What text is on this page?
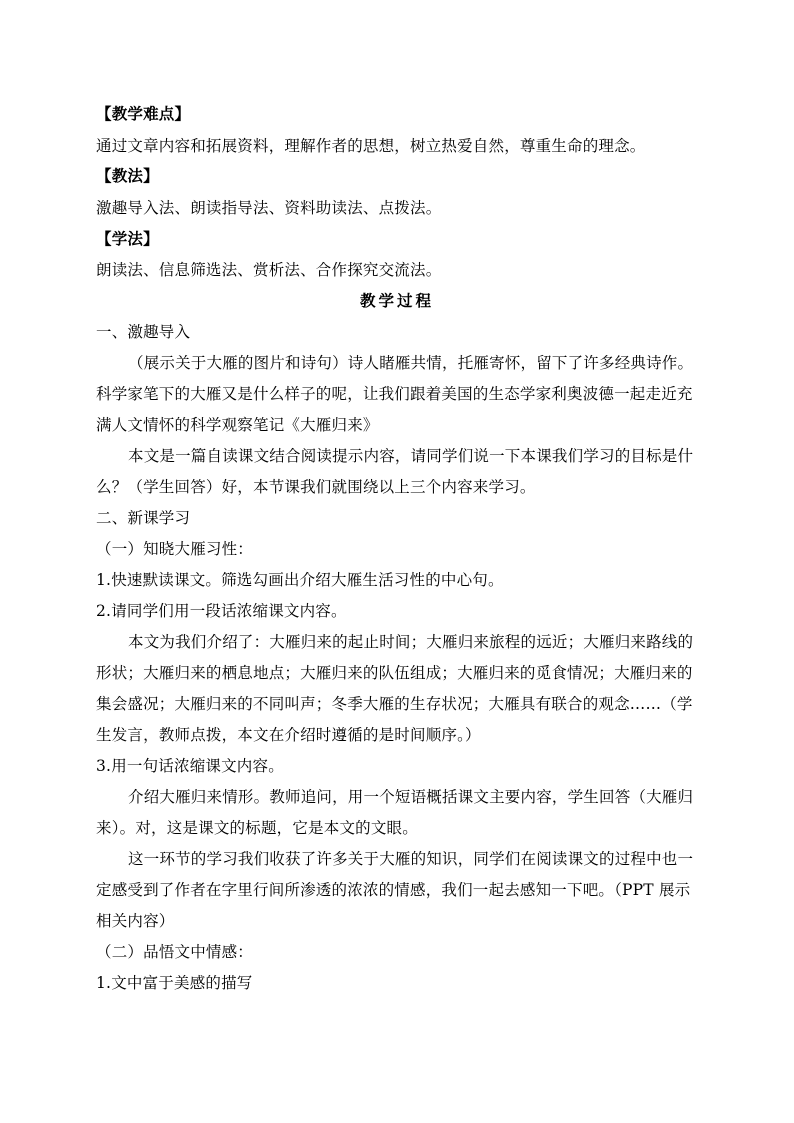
【教学难点】
通过文章内容和拓展资料，理解作者的思想，树立热爱自然，尊重生命的理念。
【教法】
激趣导入法、朗读指导法、资料助读法、点拨法。
【学法】
朗读法、信息筛选法、赏析法、合作探究交流法。
教学过程
一、激趣导入
（展示关于大雁的图片和诗句）诗人睹雁共情，托雁寄怀，留下了许多经典诗作。
科学家笔下的大雁又是什么样子的呢，让我们跟着美国的生态学家利奥波德一起走近充
满人文情怀的科学观察笔记《大雁归来》
本文是一篇自读课文结合阅读提示内容，请同学们说一下本课我们学习的目标是什
么？（学生回答）好，本节课我们就围绕以上三个内容来学习。
二、新课学习
（一）知晓大雁习性：
1.快速默读课文。筛选勾画出介绍大雁生活习性的中心句。
2.请同学们用一段话浓缩课文内容。
本文为我们介绍了：大雁归来的起止时间；大雁归来旅程的远近；大雁归来路线的
形状；大雁归来的栖息地点；大雁归来的队伍组成；大雁归来的觅食情况；大雁归来的
集会盛况；大雁归来的不同叫声；冬季大雁的生存状况；大雁具有联合的观念……（学
生发言，教师点拨，本文在介绍时遵循的是时间顺序。）
3.用一句话浓缩课文内容。
介绍大雁归来情形。教师追问，用一个短语概括课文主要内容，学生回答（大雁归
来）。对，这是课文的标题，它是本文的文眼。
这一环节的学习我们收获了许多关于大雁的知识，同学们在阅读课文的过程中也一
定感受到了作者在字里行间所渗透的浓浓的情感，我们一起去感知一下吧。（PPT 展示
相关内容）
（二）品悟文中情感：
1.文中富于美感的描写
